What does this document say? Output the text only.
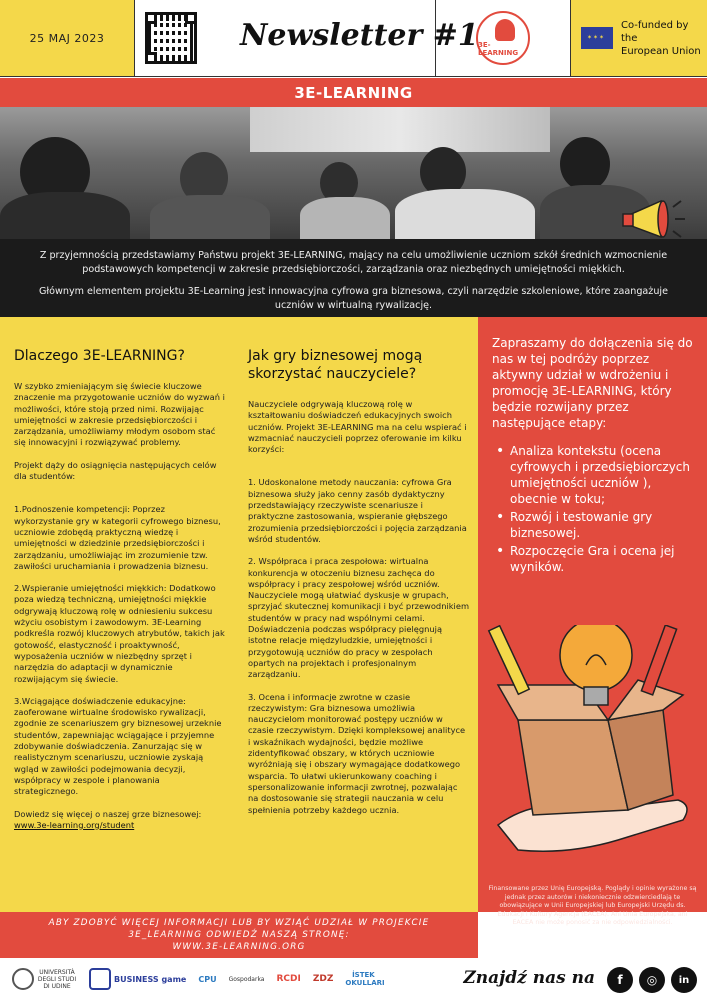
25 MAJ 2023	Newsletter #1 3E-LEARNING
✶✶✶
Co-funded by the
European Union
3E-LEARNING

Z przyjemnością przedstawiamy Państwu projekt 3E-LEARNING, mający na celu umożliwienie uczniom szkół średnich wzmocnienie podstawowych kompetencji w zakresie przedsiębiorczości, zarządzania oraz niezbędnych umiejętności miękkich.

Głównym elementem projektu 3E-Learning jest innowacyjna cyfrowa gra biznesowa, czyli narzędzie szkoleniowe, które zaangażuje uczniów w wirtualną rywalizację.

Dlaczego 3E-LEARNING?

W szybko zmieniającym się świecie kluczowe znaczenie ma przygotowanie uczniów do wyzwań i możliwości, które stoją przed nimi. Rozwijając umiejętności w zakresie przedsiębiorczości i zarządzania, umożliwiamy młodym osobom stać się innowacyjni i rozwiązywać problemy.

Projekt dąży do osiągnięcia następujących celów dla studentów:

1.Podnoszenie kompetencji: Poprzez wykorzystanie gry w kategorii cyfrowego biznesu, uczniowie zdobędą praktyczną wiedzę i umiejętności w dziedzinie przedsiębiorczości i zarządzaniu, umożliwiając im zrozumienie tzw. zawiłości uruchamiania i prowadzenia biznesu.

2.Wspieranie umiejętności miękkich: Dodatkowo poza wiedzą techniczną, umiejętności miękkie odgrywają kluczową rolę w odniesieniu sukcesu wżyciu osobistym i zawodowym. 3E-Learning podkreśla rozwój kluczowych atrybutów, takich jak gotowość, elastyczność i proaktywność, wyposażenia uczniów w niezbędny sprzęt i narzędzia do adaptacji w dynamicznie rozwijającym się świecie.

3.Wciągające doświadczenie edukacyjne: zaoferowane wirtualne środowisko rywalizacji, zgodnie ze scenariuszem gry biznesowej urzeknie studentów, zapewniając wciągające i przyjemne zdobywanie doświadczenia. Zanurzając się w realistycznym scenariuszu, uczniowie zyskają wgląd w zawiłości podejmowania decyzji, współpracy w zespole i planowania strategicznego.

Dowiedz się więcej o naszej grze biznesowej:

www.3e-learning.org/student
Jak gry biznesowej mogą skorzystać nauczyciele?

Nauczyciele odgrywają kluczową rolę w kształtowaniu doświadczeń edukacyjnych swoich uczniów. Projekt 3E-LEARNING ma na celu wspierać i wzmacniać nauczycieli poprzez oferowanie im kilku korzyści:

1. Udoskonalone metody nauczania: cyfrowa Gra biznesowa służy jako cenny zasób dydaktyczny przedstawiający rzeczywiste scenariusze i praktyczne zastosowania, wspieranie głębszego zrozumienia przedsiębiorczości i pojęcia zarządzania wśród studentów.

2. Współpraca i praca zespołowa: wirtualna konkurencja w otoczeniu biznesu zachęca do współpracy i pracy zespołowej wśród uczniów. Nauczyciele mogą ułatwiać dyskusje w grupach, sprzyjać skutecznej komunikacji i być przewodnikiem studentów w pracy nad wspólnymi celami. Doświadczenia podczas współpracy pielęgnują istotne relacje międzyludzkie, umiejętności i przygotowują uczniów do pracy w zespołach opartych na projektach i profesjonalnym zarządzaniu.

3. Ocena i informacje zwrotne w czasie rzeczywistym: Gra biznesowa umożliwia nauczycielom monitorować postępy uczniów w czasie rzeczywistym. Dzięki kompleksowej analityce i wskaźnikach wydajności, będzie możliwe zidentyfikować obszary, w których uczniowie wyróżniają się i obszary wymagające dodatkowego wsparcia. To ułatwi ukierunkowany coaching i spersonalizowanie informacji zwrotnej, pozwalając na dostosowanie się strategii nauczania w celu spełnienia potrzeby każdego ucznia.

Zapraszamy do dołączenia się do nas w tej podróży poprzez aktywny udział w wdrożeniu i promocję 3E-LEARNING, który będzie rozwijany przez następujące etapy:
• Analiza kontekstu (ocena cyfrowych i przedsiębiorczych umiejętności uczniów ), obecnie w toku;
• Rozwój i testowanie gry biznesowej.
• Rozpoczęcie Gra i ocena jej wyników.
Finansowane przez Unię Europejską. Poglądy i opinie wyrażone są jednak przez autorów i niekoniecznie odzwierciedlają te obowiązujące w Unii Europejskiej lub Europejski Urzędu ds. Edukacji i Kultury Agencja (EACEA). Ani Unia Europejska, ani EACEA nie może ponosić za nie odpowiedzialności.
ABY ZDOBYĆ WIĘCEJ INFORMACJI LUB BY WZIĄĆ UDZIAŁ W PROJEKCIE
3E_LEARNING ODWIEDŹ NASZĄ STRONĘ:
WWW.3E-LEARNING.ORG
UNIVERSITÀ DEGLI STUDI DI UDINE
BUSINESS game CPU Gospodarka RCDI ZDZ	İSTEK OKULLARI	Znajdź nas na	f	◎	in
